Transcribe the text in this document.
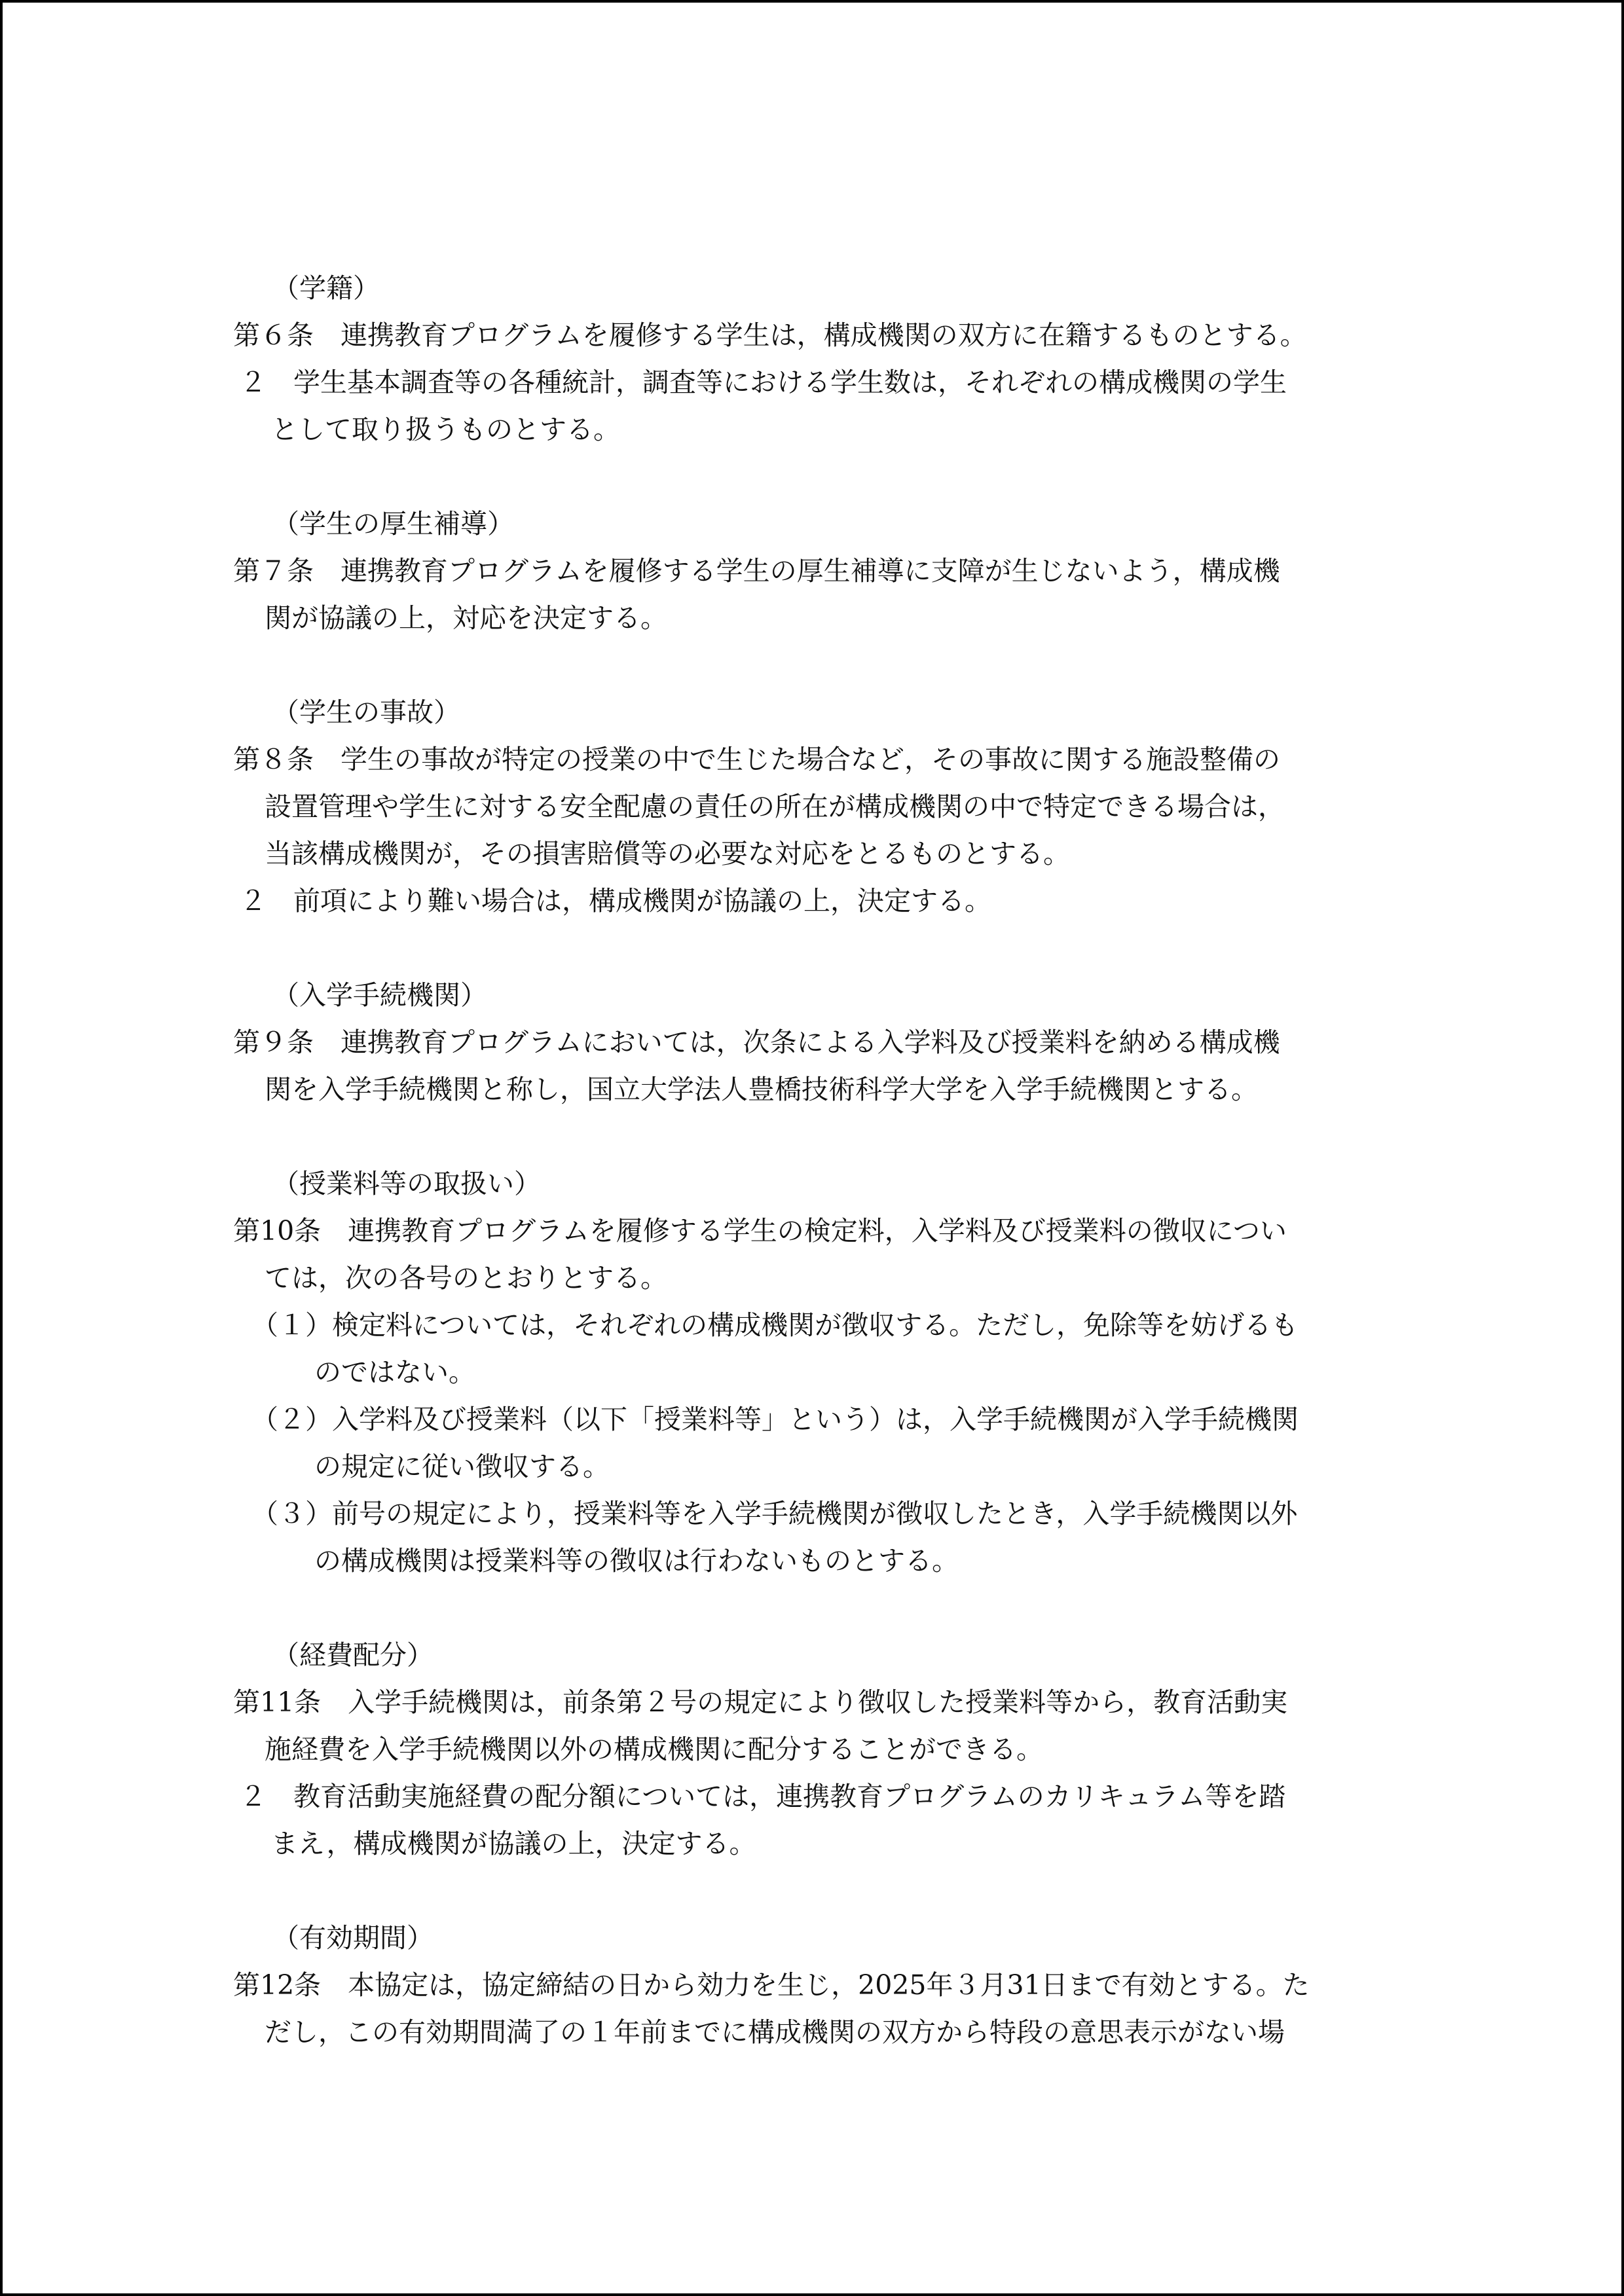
（学籍）
第６条　連携教育プログラムを履修する学生は，構成機関の双方に在籍するものとする。
２　学生基本調査等の各種統計，調査等における学生数は，それぞれの構成機関の学生
として取り扱うものとする。
（学生の厚生補導）
第７条　連携教育プログラムを履修する学生の厚生補導に支障が生じないよう，構成機
関が協議の上，対応を決定する。
（学生の事故）
第８条　学生の事故が特定の授業の中で生じた場合など，その事故に関する施設整備の
設置管理や学生に対する安全配慮の責任の所在が構成機関の中で特定できる場合は，
当該構成機関が，その損害賠償等の必要な対応をとるものとする。
２　前項により難い場合は，構成機関が協議の上，決定する。
（入学手続機関）
第９条　連携教育プログラムにおいては，次条による入学料及び授業料を納める構成機
関を入学手続機関と称し，国立大学法人豊橋技術科学大学を入学手続機関とする。
（授業料等の取扱い）
第10条　連携教育プログラムを履修する学生の検定料，入学料及び授業料の徴収につい
ては，次の各号のとおりとする。
（１）検定料については，それぞれの構成機関が徴収する。ただし，免除等を妨げるも
のではない。
（２）入学料及び授業料（以下「授業料等」という）は，入学手続機関が入学手続機関
の規定に従い徴収する。
（３）前号の規定により，授業料等を入学手続機関が徴収したとき，入学手続機関以外
の構成機関は授業料等の徴収は行わないものとする。
（経費配分）
第11条　入学手続機関は，前条第２号の規定により徴収した授業料等から，教育活動実
施経費を入学手続機関以外の構成機関に配分することができる。
２　教育活動実施経費の配分額については，連携教育プログラムのカリキュラム等を踏
まえ，構成機関が協議の上，決定する。
（有効期間）
第12条　本協定は，協定締結の日から効力を生じ，2025年３月31日まで有効とする。た
だし，この有効期間満了の１年前までに構成機関の双方から特段の意思表示がない場
